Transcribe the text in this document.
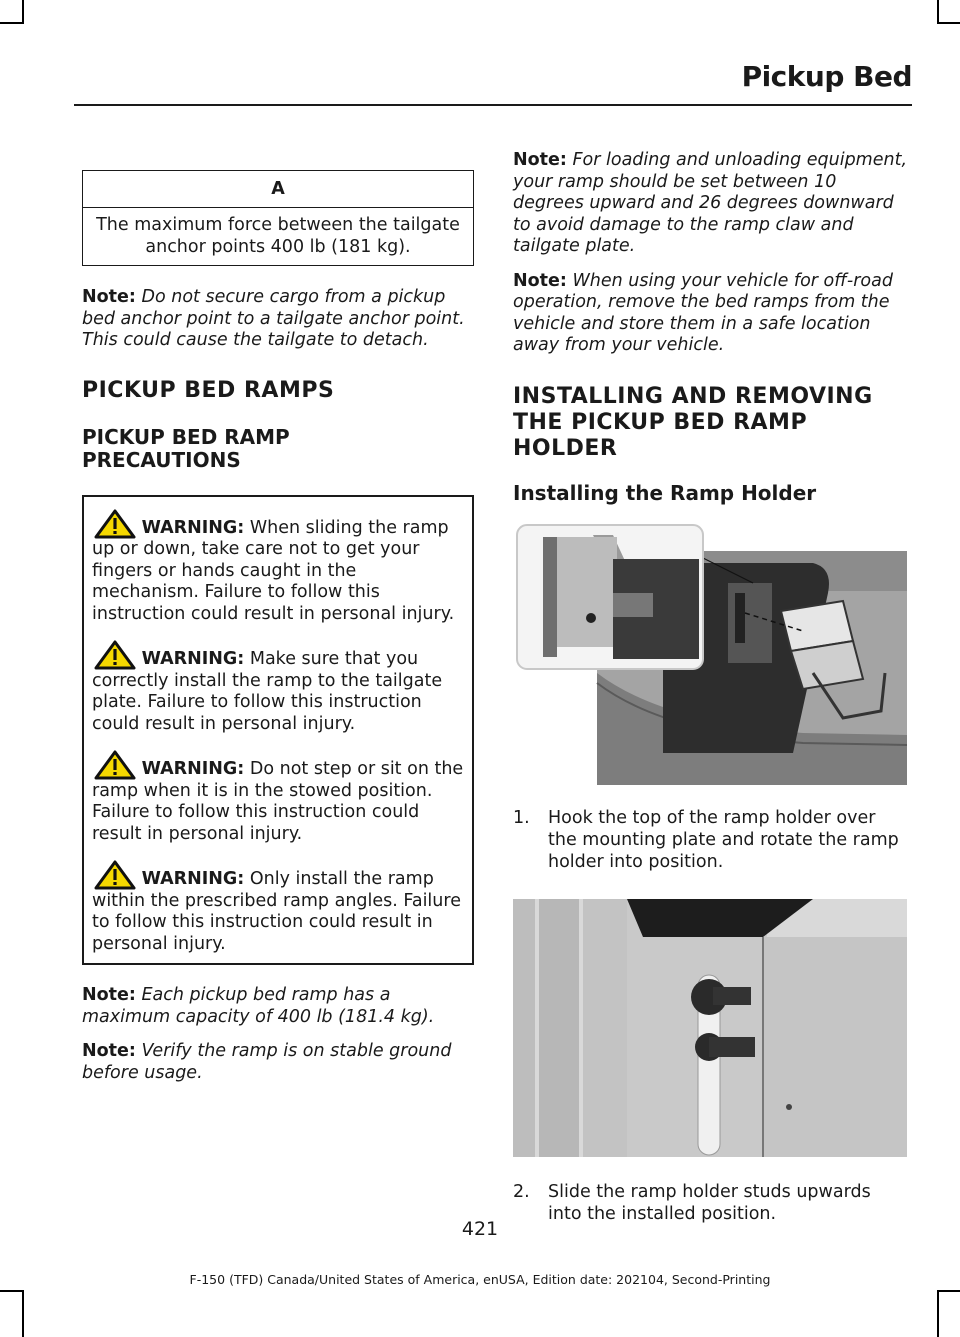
Pickup Bed
A
The maximum force between the tailgate anchor points 400 lb (181 kg).

Note: Do not secure cargo from a pickup bed anchor point to a tailgate anchor point. This could cause the tailgate to detach.

PICKUP BED RAMPS
PICKUP BED RAMP PRECAUTIONS
WARNING: When sliding the ramp up or down, take care not to get your fingers or hands caught in the mechanism. Failure to follow this instruction could result in personal injury.
WARNING: Make sure that you correctly install the ramp to the tailgate plate. Failure to follow this instruction could result in personal injury.
WARNING: Do not step or sit on the ramp when it is in the stowed position. Failure to follow this instruction could result in personal injury.
WARNING: Only install the ramp within the prescribed ramp angles. Failure to follow this instruction could result in personal injury.

Note: Each pickup bed ramp has a maximum capacity of 400 lb (181.4 kg).

Note: Verify the ramp is on stable ground before usage.

Note: For loading and unloading equipment, your ramp should be set between 10 degrees upward and 26 degrees downward to avoid damage to the ramp claw and tailgate plate.

Note: When using your vehicle for off-road operation, remove the bed ramps from the vehicle and store them in a safe location away from your vehicle.

INSTALLING AND REMOVING THE PICKUP BED RAMP HOLDER
Installing the Ramp Holder
1. Hook the top of the ramp holder over the mounting plate and rotate the ramp holder into position.
2. Slide the ramp holder studs upwards into the installed position.
421
F-150 (TFD) Canada/United States of America, enUSA, Edition date: 202104, Second-Printing
